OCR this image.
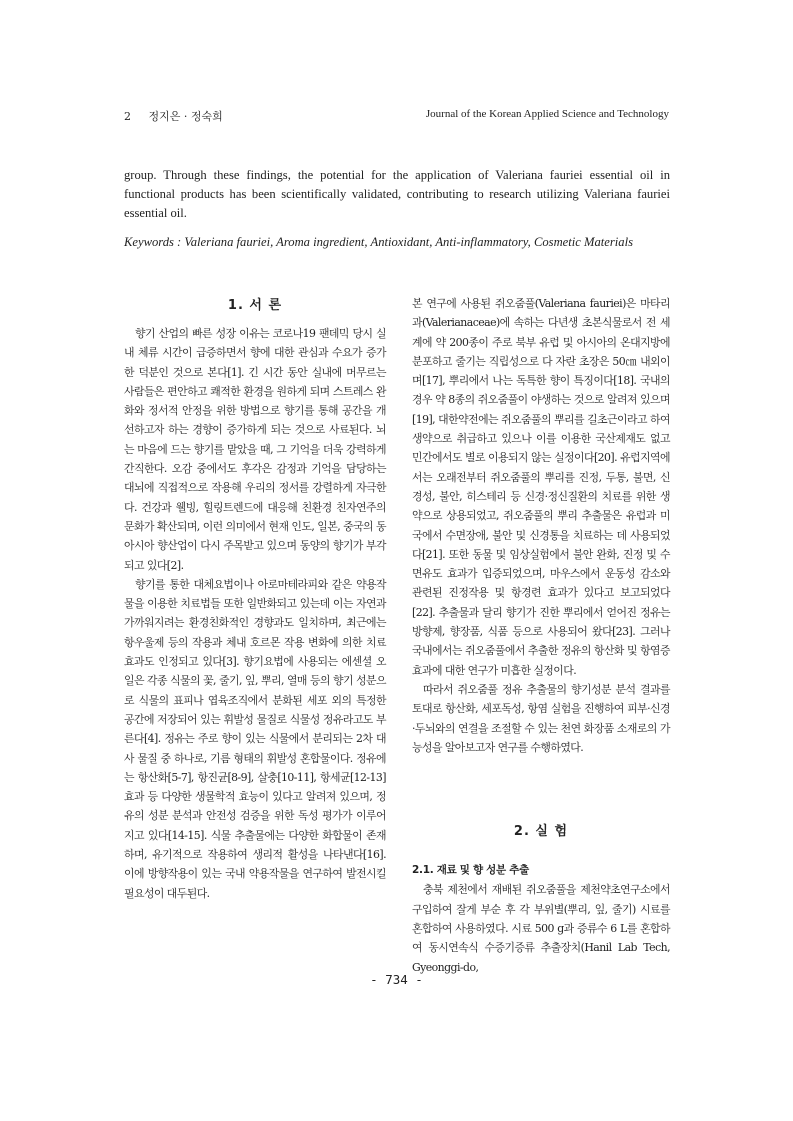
2 정지은 · 정숙희	Journal of the Korean Applied Science and Technology
group. Through these findings, the potential for the application of Valeriana fauriei essential oil in functional products has been scientifically validated, contributing to research utilizing Valeriana fauriei essential oil.
Keywords : Valeriana fauriei, Aroma ingredient, Antioxidant, Anti-inflammatory, Cosmetic Materials
1. 서 론

향기 산업의 빠른 성장 이유는 코로나19 팬데믹 당시 실내 체류 시간이 급증하면서 향에 대한 관심과 수요가 증가한 덕분인 것으로 본다[1]. 긴 시간 동안 실내에 머무르는 사람들은 편안하고 쾌적한 환경을 원하게 되며 스트레스 완화와 정서적 안정을 위한 방법으로 향기를 통해 공간을 개선하고자 하는 경향이 증가하게 되는 것으로 사료된다. 뇌는 마음에 드는 향기를 맡았을 때, 그 기억을 더욱 강력하게 간직한다. 오감 중에서도 후각은 감정과 기억을 담당하는 대뇌에 직접적으로 작용해 우리의 정서를 강렬하게 자극한다. 건강과 웰빙, 힐링트렌드에 대응해 친환경 친자연주의 문화가 확산되며, 이런 의미에서 현재 인도, 일본, 중국의 동아시아 향산업이 다시 주목받고 있으며 동양의 향기가 부각되고 있다[2].

향기를 통한 대체요법이나 아로마테라피와 같은 약용작물을 이용한 치료법들 또한 일반화되고 있는데 이는 자연과 가까워지려는 환경친화적인 경향과도 일치하며, 최근에는 항우울제 등의 작용과 체내 호르몬 작용 변화에 의한 치료효과도 인정되고 있다[3]. 향기요법에 사용되는 에센셜 오일은 각종 식물의 꽃, 줄기, 잎, 뿌리, 열매 등의 향기 성분으로 식물의 표피나 엽육조직에서 분화된 세포 외의 특정한 공간에 저장되어 있는 휘발성 물질로 식물성 정유라고도 부른다[4]. 정유는 주로 향이 있는 식물에서 분리되는 2차 대사 물질 중 하나로, 기름 형태의 휘발성 혼합물이다. 정유에는 항산화[5-7], 항진균[8-9], 살충[10-11], 항세균[12-13] 효과 등 다양한 생물학적 효능이 있다고 알려져 있으며, 정유의 성분 분석과 안전성 검증을 위한 독성 평가가 이루어지고 있다[14-15]. 식물 추출물에는 다양한 화합물이 존재하며, 유기적으로 작용하여 생리적 활성을 나타낸다[16]. 이에 방향작용이 있는 국내 약용작물을 연구하여 발전시킬 필요성이 대두된다.

본 연구에 사용된 쥐오줌풀(Valeriana fauriei)은 마타리과(Valerianaceae)에 속하는 다년생 초본식물로서 전 세계에 약 200종이 주로 북부 유럽 및 아시아의 온대지방에 분포하고 줄기는 직립성으로 다 자란 초장은 50㎝ 내외이며[17], 뿌리에서 나는 독특한 향이 특징이다[18]. 국내의 경우 약 8종의 쥐오줌풀이 야생하는 것으로 알려져 있으며[19], 대한약전에는 쥐오줌풀의 뿌리를 길초근이라고 하여 생약으로 취급하고 있으나 이를 이용한 국산제재도 없고 민간에서도 별로 이용되지 않는 실정이다[20]. 유럽지역에서는 오래전부터 쥐오줌풀의 뿌리를 진정, 두통, 불면, 신경성, 불안, 히스테리 등 신경·정신질환의 치료를 위한 생약으로 상용되었고, 쥐오줌풀의 뿌리 추출물은 유럽과 미국에서 수면장애, 불안 및 신경통을 치료하는 데 사용되었다[21]. 또한 동물 및 임상실험에서 불안 완화, 진정 및 수면유도 효과가 입증되었으며, 마우스에서 운동성 감소와 관련된 진정작용 및 항경련 효과가 있다고 보고되었다[22]. 추출물과 달리 향기가 진한 뿌리에서 얻어진 정유는 방향제, 향장품, 식품 등으로 사용되어 왔다[23]. 그러나 국내에서는 쥐오줌풀에서 추출한 정유의 항산화 및 항염증 효과에 대한 연구가 미흡한 실정이다.

따라서 쥐오줌풀 정유 추출물의 향기성분 분석 결과를 토대로 항산화, 세포독성, 항염 실험을 진행하여 피부·신경·두뇌와의 연결을 조절할 수 있는 천연 화장품 소재로의 가능성을 알아보고자 연구를 수행하였다.

2. 실 험
2.1. 재료 및 향 성분 추출

충북 제천에서 재배된 쥐오줌풀을 제천약초연구소에서 구입하여 잘게 부순 후 각 부위별(뿌리, 잎, 줄기) 시료를 혼합하여 사용하였다. 시료 500 g과 증류수 6 L를 혼합하여 동시연속식 수증기증류 추출장치(Hanil Lab Tech, Gyeonggi-do,

- 734 -
